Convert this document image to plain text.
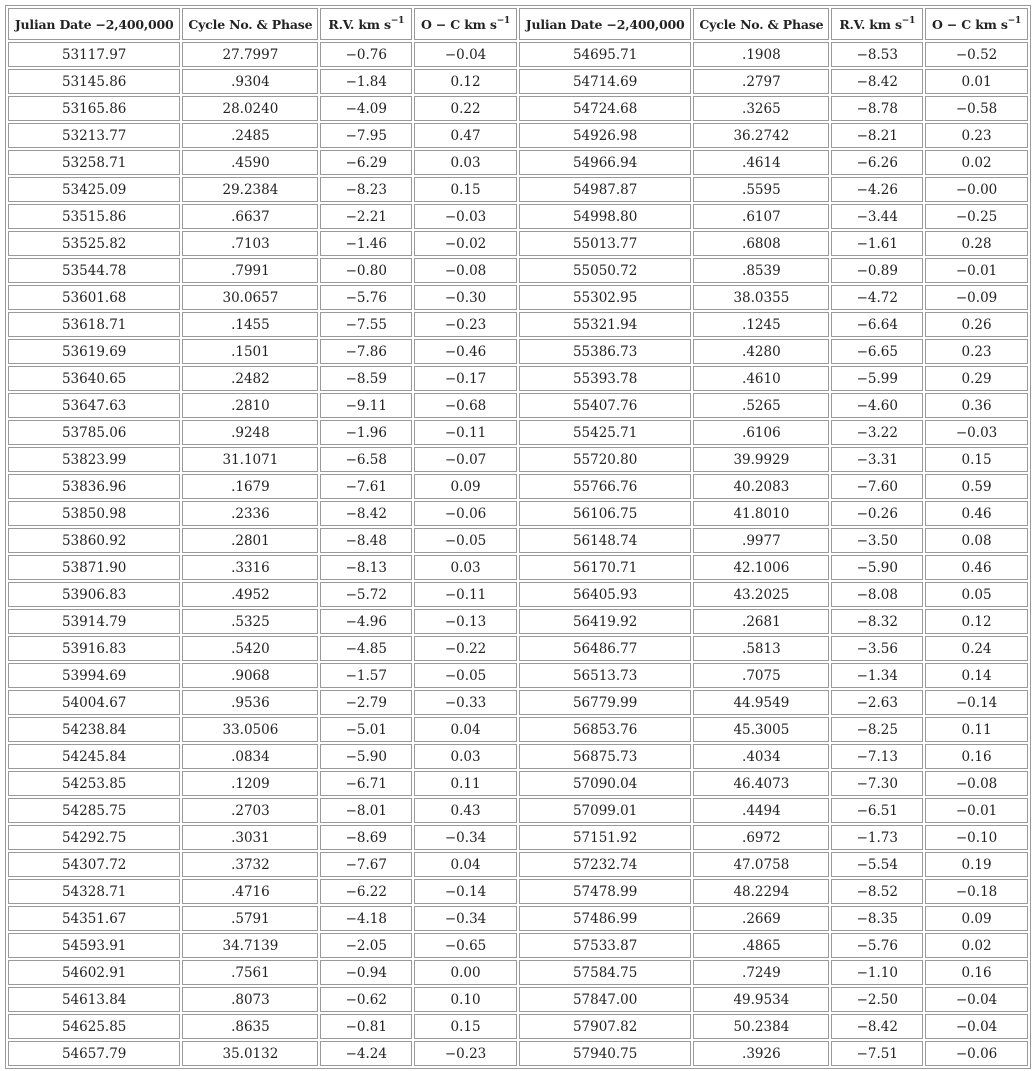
Julian Date −2,400,000	Cycle No. & Phase	R.V. km $s^{-1}$	O − C km $s^{-1}$	Julian Date −2,400,000	Cycle No. & Phase	R.V. km $s^{-1}$	O − C km $s^{-1}$
53117.97	27.7997	−0.76	−0.04	54695.71	.1908	−8.53	−0.52
53145.86	.9304	−1.84	0.12	54714.69	.2797	−8.42	0.01
53165.86	28.0240	−4.09	0.22	54724.68	.3265	−8.78	−0.58
53213.77	.2485	−7.95	0.47	54926.98	36.2742	−8.21	0.23
53258.71	.4590	−6.29	0.03	54966.94	.4614	−6.26	0.02
53425.09	29.2384	−8.23	0.15	54987.87	.5595	−4.26	−0.00
53515.86	.6637	−2.21	−0.03	54998.80	.6107	−3.44	−0.25
53525.82	.7103	−1.46	−0.02	55013.77	.6808	−1.61	0.28
53544.78	.7991	−0.80	−0.08	55050.72	.8539	−0.89	−0.01
53601.68	30.0657	−5.76	−0.30	55302.95	38.0355	−4.72	−0.09
53618.71	.1455	−7.55	−0.23	55321.94	.1245	−6.64	0.26
53619.69	.1501	−7.86	−0.46	55386.73	.4280	−6.65	0.23
53640.65	.2482	−8.59	−0.17	55393.78	.4610	−5.99	0.29
53647.63	.2810	−9.11	−0.68	55407.76	.5265	−4.60	0.36
53785.06	.9248	−1.96	−0.11	55425.71	.6106	−3.22	−0.03
53823.99	31.1071	−6.58	−0.07	55720.80	39.9929	−3.31	0.15
53836.96	.1679	−7.61	0.09	55766.76	40.2083	−7.60	0.59
53850.98	.2336	−8.42	−0.06	56106.75	41.8010	−0.26	0.46
53860.92	.2801	−8.48	−0.05	56148.74	.9977	−3.50	0.08
53871.90	.3316	−8.13	0.03	56170.71	42.1006	−5.90	0.46
53906.83	.4952	−5.72	−0.11	56405.93	43.2025	−8.08	0.05
53914.79	.5325	−4.96	−0.13	56419.92	.2681	−8.32	0.12
53916.83	.5420	−4.85	−0.22	56486.77	.5813	−3.56	0.24
53994.69	.9068	−1.57	−0.05	56513.73	.7075	−1.34	0.14
54004.67	.9536	−2.79	−0.33	56779.99	44.9549	−2.63	−0.14
54238.84	33.0506	−5.01	0.04	56853.76	45.3005	−8.25	0.11
54245.84	.0834	−5.90	0.03	56875.73	.4034	−7.13	0.16
54253.85	.1209	−6.71	0.11	57090.04	46.4073	−7.30	−0.08
54285.75	.2703	−8.01	0.43	57099.01	.4494	−6.51	−0.01
54292.75	.3031	−8.69	−0.34	57151.92	.6972	−1.73	−0.10
54307.72	.3732	−7.67	0.04	57232.74	47.0758	−5.54	0.19
54328.71	.4716	−6.22	−0.14	57478.99	48.2294	−8.52	−0.18
54351.67	.5791	−4.18	−0.34	57486.99	.2669	−8.35	0.09
54593.91	34.7139	−2.05	−0.65	57533.87	.4865	−5.76	0.02
54602.91	.7561	−0.94	0.00	57584.75	.7249	−1.10	0.16
54613.84	.8073	−0.62	0.10	57847.00	49.9534	−2.50	−0.04
54625.85	.8635	−0.81	0.15	57907.82	50.2384	−8.42	−0.04
54657.79	35.0132	−4.24	−0.23	57940.75	.3926	−7.51	−0.06
